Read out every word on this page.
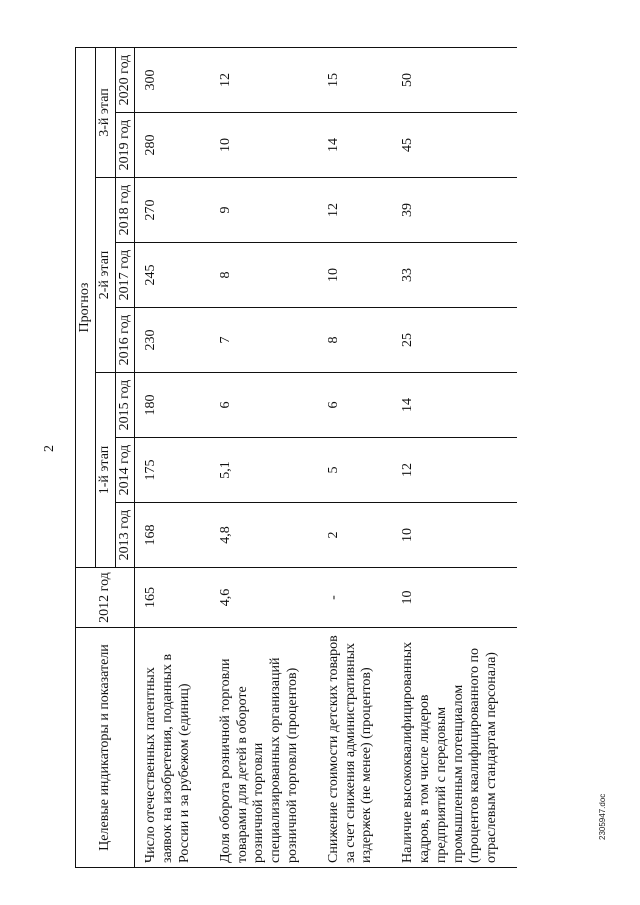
2
Целевые индикаторы и показатели	2012 год	Прогноз							
		1-й этап			2-й этап			3-й этап	
		2013 год	2014 год	2015 год	2016 год	2017 год	2018 год	2019 год	2020 год
Число отечественных патентных заявок на изобретения, поданных в России и за рубежом (единиц)	165	168	175	180	230	245	270	280	300
Доля оборота розничной торговли товарами для детей в обороте розничной торговли специализированных организаций розничной торговли (процентов)	4,6	4,8	5,1	6	7	8	9	10	12
Снижение стоимости детских товаров за счет снижения административных издержек (не менее) (процентов)	-	2	5	6	8	10	12	14	15
Наличие высококвалифицированных кадров, в том числе лидеров предприятий с передовым промышленным потенциалом (процентов квалифицированного по отраслевым стандартам персонала)	10	10	12	14	25	33	39	45	50
2305947.doc
